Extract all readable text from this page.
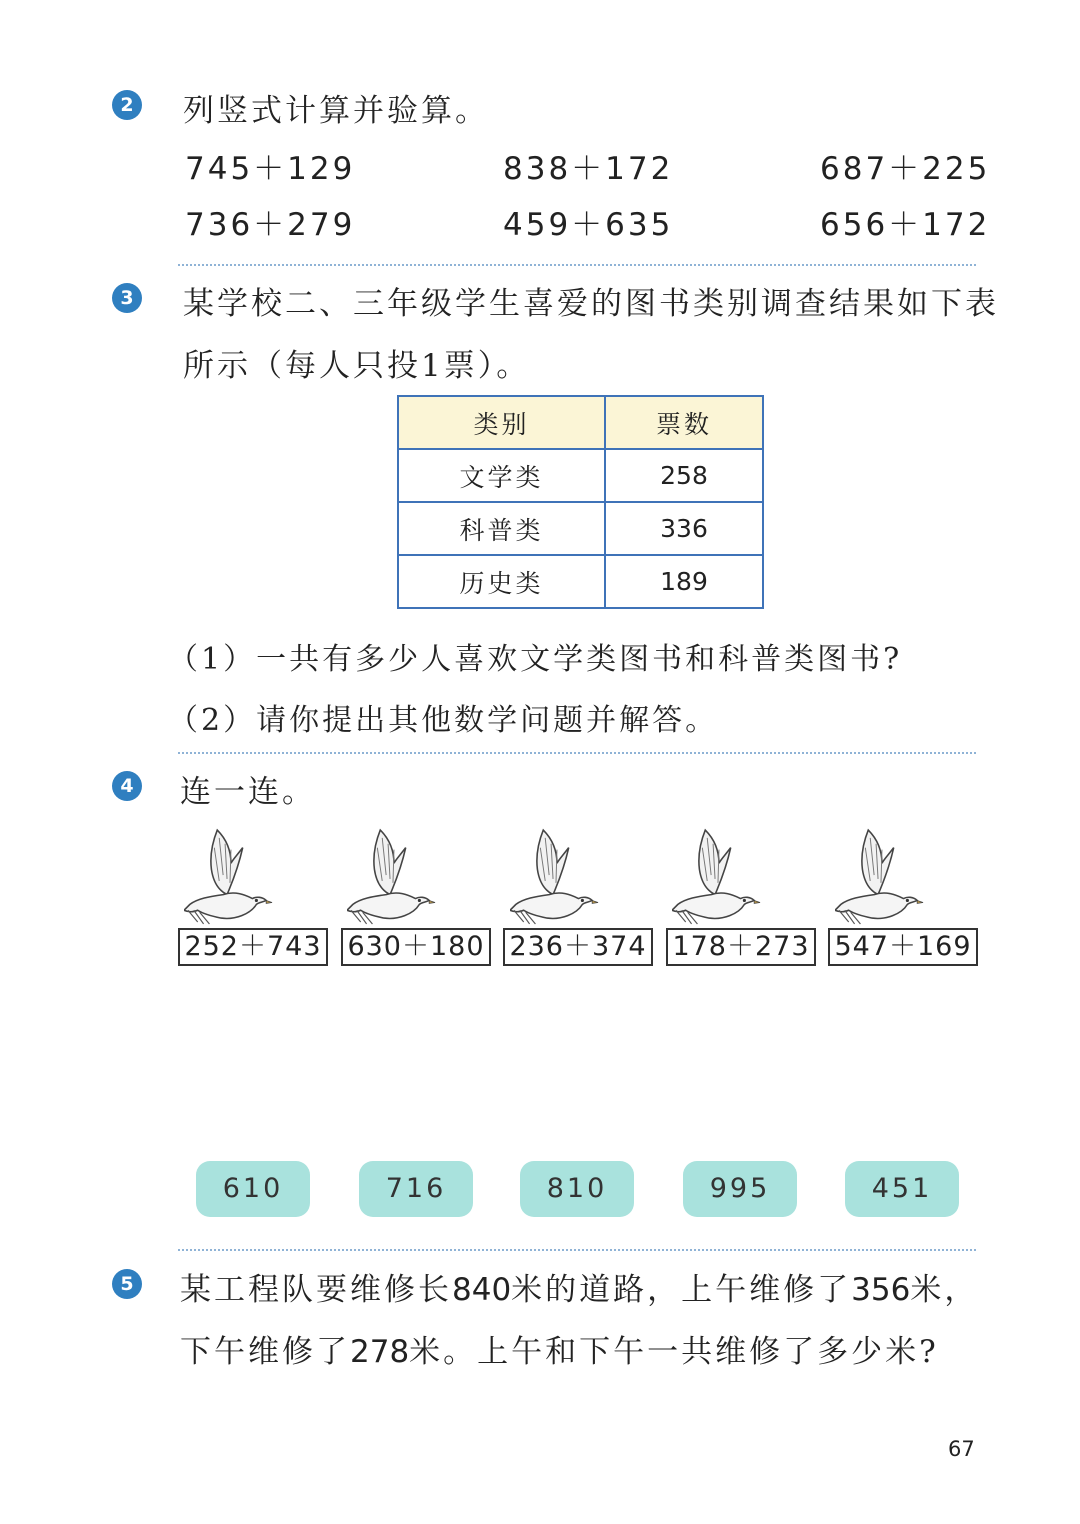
2 列竖式计算并验算。
745＋129	838＋172	687＋225
736＋279	459＋635	656＋172
3 某学校二、三年级学生喜爱的图书类别调查结果如下表
所示（每人只投1票）。
类别	票数
文学类	258
科普类	336
历史类	189
（1）一共有多少人喜欢文学类图书和科普类图书?
（2）请你提出其他数学问题并解答。
4 连一连。
252＋743 630＋180 236＋374 178＋273 547＋169
610	716	810	995	451
5 某工程队要维修长840米的道路，上午维修了356米，
下午维修了278米。上午和下午一共维修了多少米?
67
